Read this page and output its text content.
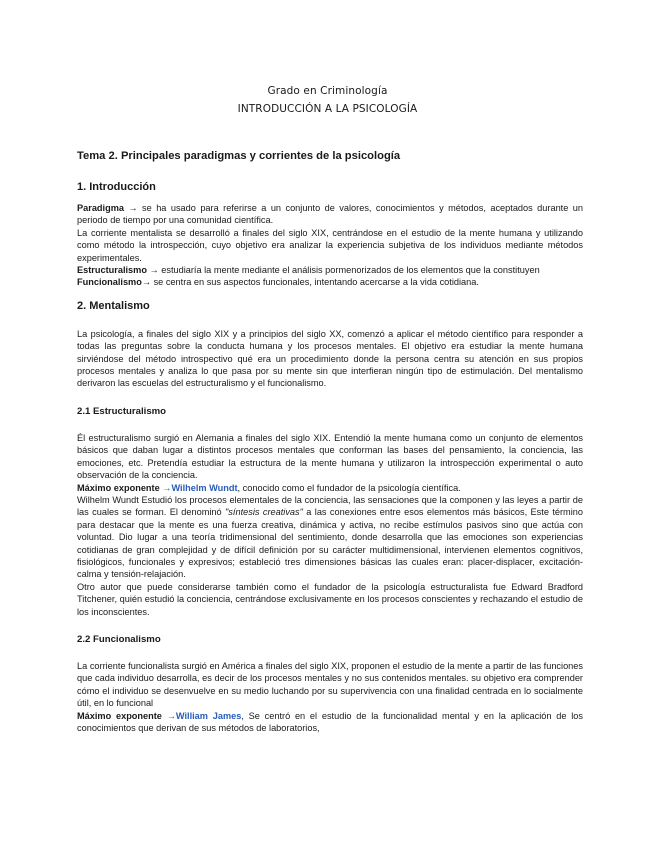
Grado en Criminología
INTRODUCCIÓN A LA PSICOLOGÍA
Tema 2. Principales paradigmas y corrientes de la psicología
1. Introducción

Paradigma → se ha usado para referirse a un conjunto de valores, conocimientos y métodos, aceptados durante un periodo de tiempo por una comunidad científica.

La corriente mentalista se desarrolló a finales del siglo XIX, centrándose en el estudio de la mente humana y utilizando como método la introspección, cuyo objetivo era analizar la experiencia subjetiva de los individuos mediante métodos experimentales.

Estructuralismo → estudiaría la mente mediante el análisis pormenorizados de los elementos que la constituyen

Funcionalismo→ se centra en sus aspectos funcionales, intentando acercarse a la vida cotidiana.

2. Mentalismo

La psicología, a finales del siglo XIX y a principios del siglo XX, comenzó a aplicar el método científico para responder a todas las preguntas sobre la conducta humana y los procesos mentales. El objetivo era estudiar la mente humana sirviéndose del método introspectivo qué era un procedimiento donde la persona centra su atención en sus propios procesos mentales y analiza lo que pasa por su mente sin que interfieran ningún tipo de estimulación. Del mentalismo derivaron las escuelas del estructuralismo y el funcionalismo.

2.1 Estructuralismo

Él estructuralismo surgió en Alemania a finales del siglo XIX. Entendió la mente humana como un conjunto de elementos básicos que daban lugar a distintos procesos mentales que conforman las bases del pensamiento, la conciencia, las emociones, etc. Pretendía estudiar la estructura de la mente humana y utilizaron la introspección experimental o auto observación de la conciencia.

Máximo exponente →Wilhelm Wundt, conocido como el fundador de la psicología científica.

Wilhelm Wundt Estudió los procesos elementales de la conciencia, las sensaciones que la componen y las leyes a partir de las cuales se forman. El denominó "síntesis creativas" a las conexiones entre esos elementos más básicos, Este término para destacar que la mente es una fuerza creativa, dinámica y activa, no recibe estímulos pasivos sino que actúa con voluntad. Dio lugar a una teoría tridimensional del sentimiento, donde desarrolla que las emociones son experiencias cotidianas de gran complejidad y de difícil definición por su carácter multidimensional, intervienen elementos cognitivos, fisiológicos, funcionales y expresivos; estableció tres dimensiones básicas las cuales eran: placer-displacer, excitación-calma y tensión-relajación.

Otro autor que puede considerarse también como el fundador de la psicología estructuralista fue Edward Bradford Titchener, quién estudió la conciencia, centrándose exclusivamente en los procesos conscientes y rechazando el estudio de los inconscientes.

2.2 Funcionalismo

La corriente funcionalista surgió en América a finales del siglo XIX, proponen el estudio de la mente a partir de las funciones que cada individuo desarrolla, es decir de los procesos mentales y no sus contenidos mentales. su objetivo era comprender cómo el individuo se desenvuelve en su medio luchando por su supervivencia con una finalidad centrada en lo socialmente útil, en lo funcional

Máximo exponente →William James, Se centró en el estudio de la funcionalidad mental y en la aplicación de los conocimientos que derivan de sus métodos de laboratorios,
